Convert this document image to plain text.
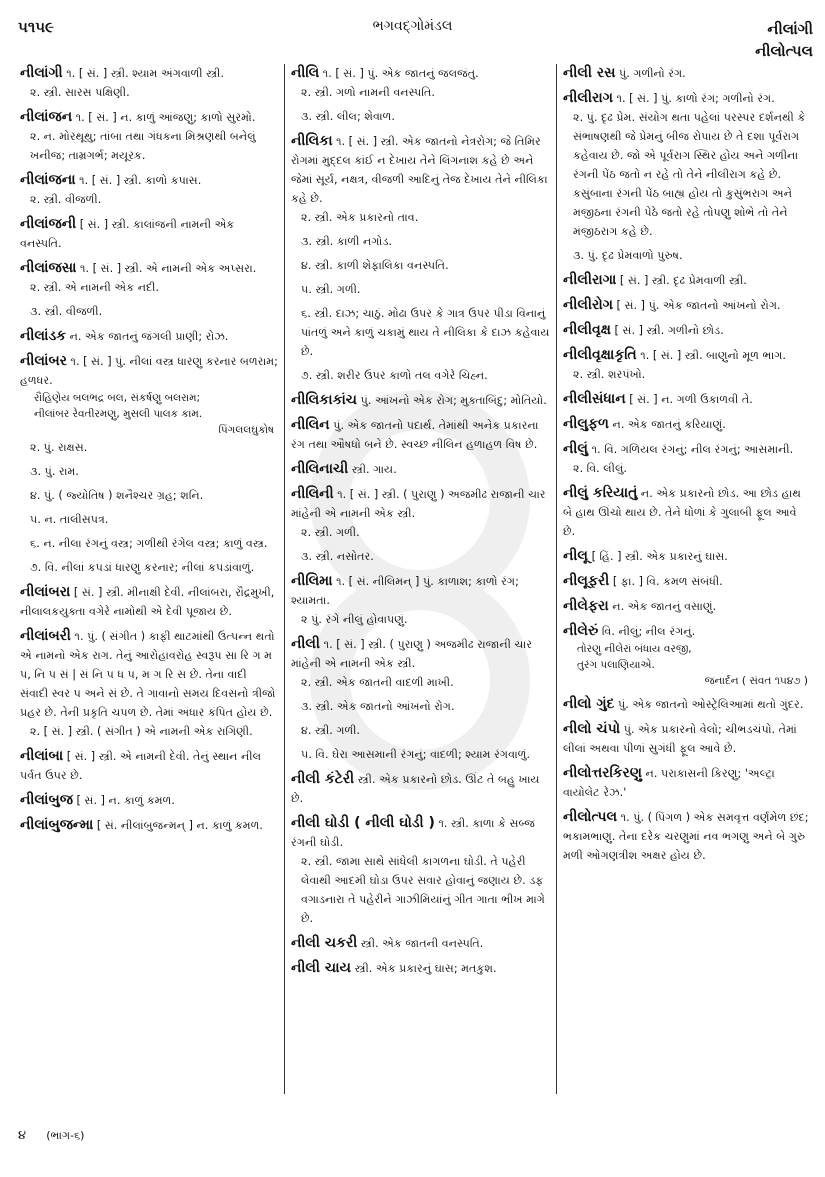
૫૧૫૯	ભગવદ્ગોમંડલ	નીલાંગી
નીલોત્પલ
નીલાંગી ૧. [ સં. ] સ્ત્રી. શ્યામ અંગવાળી સ્ત્રી.
૨. સ્ત્રી. સારસ પક્ષિણી.
નીલાંજન ૧. [ સં. ] ન. કાળું આંજણુ; કાળો સુરમો.
૨. ન. મોરથૂથુ; તાંબા તથા ગંધકના મિશ્રણથી બનેલું ખનીજ; તામ્રગર્ભ; મયૂરક.
નીલાંજના ૧. [ સં. ] સ્ત્રી. કાળો કપાસ.
૨. સ્ત્રી. વીજળી.
નીલાંજની [ સં. ] સ્ત્રી. કાલાંજની નામની એક વનસ્પતિ.
નીલાંજસા ૧. [ સં. ] સ્ત્રી. એ નામની એક અપ્સરા.
૨. સ્ત્રી. એ નામની એક નદી.
૩. સ્ત્રી. વીજળી.
નીલાંડક ન. એક જાતનું જંગલી પ્રાણી; રોઝ.
નીલાંબર ૧. [ સં. ] પું. નીલાં વસ્ત્ર ધારણુ કરનાર બળરામ; હળધર.
રૌહિણેય બલભદ્ર બલ, સંકર્ષણુ બલરામ;
નીલાંબર રેવતીરમણુ, મુસલી પાલક કામ.
પિંગલલઘુકોષ
૨. પું. રાક્ષસ.
૩. પું. રામ.
૪. પું. ( જ્યોતિષ ) શનૈશ્ચર ગ્રહ; શનિ.
૫. ન. તાલીસપત્ર.
૬. ન. નીલા રંગનું વસ્ત્ર; ગળીથી રંગેલ વસ્ત્ર; કાળું વસ્ત્ર.
૭. વિ. નીલાં કપડાં ધારણુ કરનાર; નીલાં કપડાંવાળું.
નીલાંબરા [ સં. ] સ્ત્રી. મીનાક્ષી દેવી. નીલાંબરા, રૌદ્રમુખી, નીલાલકયુક્તા વગેરે નામોથી એ દેવી પૂજાય છે.
નીલાંબરી ૧. પું. ( સંગીત ) કાફી થાટમાંથી ઉત્પન્ન થતો એ નામનો એક રાગ. તેનું આરોહાવરોહ સ્વરૂપ સા રિ ગ મ પ, નિ પ સં | સં નિ પ ધ પ, મ ગ રિ સ છે. તેના વાદી સંવાદી સ્વર પ અને સં છે. તે ગાવાનો સમય દિવસનો ત્રીજો પ્રહર છે. તેની પ્રકૃતિ ચપળ છે. તેમાં અંધાર કંપિત હોય છે.
૨. [ સં. ] સ્ત્રી. ( સંગીત ) એ નામની એક રાગિણી.
નીલાંબા [ સં. ] સ્ત્રી. એ નામની દેવી. તેનું સ્થાન નીલ પર્વત ઉપર છે.
નીલાંબુજ [ સં. ] ન. કાળું કમળ.
નીલાંબુજન્મા [ સં. નીલાંબુજન્મન્ ] ન. કાળું કમળ.
નીલિ ૧. [ સં. ] પું. એક જાતનું જલજંતુ.
૨. સ્ત્રી. ગળો નામની વનસ્પતિ.
૩. સ્ત્રી. લીલ; શેવાળ.
નીલિકા ૧. [ સં. ] સ્ત્રી. એક જાતનો નેત્રરોગ; જે તિમિર રોગમાં મુદ્દલ કાંઈ ન દેખાય તેને લિંગનાશ કહે છે અને જેમાં સૂર્ય, નક્ષત્ર, વીજળી આદિનું તેજ દેખાય તેને નીલિકા કહે છે.
૨. સ્ત્રી. એક પ્રકારનો તાવ.
૩. સ્ત્રી. કાળી નગોડ.
૪. સ્ત્રી. કાળી શેફાલિકા વનસ્પતિ.
૫. સ્ત્રી. ગળી.
૬. સ્ત્રી. દાઝ; ચાઠું. મોઢા ઉપર કે ગાત્ર ઉપર પીડા વિનાનું પાંતળું અને કાળું ચકામું થાય તે નીલિકા કે દાઝ કહેવાય છે.
૭. સ્ત્રી. શરીર ઉપર કાળો તલ વગેરે ચિહ્ન.
નીલિકાકાંચ પું. આંખનો એક રોગ; મુક્તાબિંદુ; મોતિયો.
નીલિન પું. એક જાતનો પદાર્થ. તેમાંથી અનેક પ્રકારના રંગ તથા ઔષધો બને છે. સ્વચ્છ નીલિન હળાહળ વિષ છે.
નીલિનાચી સ્ત્રી. ગાય.
નીલિની ૧. [ સં. ] સ્ત્રી. ( પુરાણુ ) અજમીઢ રાજાની ચાર માંહેની એ નામની એક સ્ત્રી.
૨. સ્ત્રી. ગળી.
૩. સ્ત્રી. નસોતર.
નીલિમા ૧. [ સં. નીલિમન્ ] પું. કાળાશ; કાળો રંગ; શ્યામતા.
૨ પું. રંગે નીલું હોવાપણું.
નીલી ૧. [ સં. ] સ્ત્રી. ( પુરાણુ ) અજમીઢ રાજાની ચાર માંહેની એ નામની એક સ્ત્રી.
૨. સ્ત્રી. એક જાતની વાદળી માખી.
૩. સ્ત્રી. એક જાતનો આંખનો રોગ.
૪. સ્ત્રી. ગળી.
૫. વિ. ઘેરા આસમાની રંગનું; વાદળી; શ્યામ રંગવાળું.
નીલી કંટેરી સ્ત્રી. એક પ્રકારનો છોડ. ઊંટ તે બહુ ખાય છે.
નીલી ઘોડી ( નીલી ઘોડી ) ૧. સ્ત્રી. કાળા કે સબ્જ રંગની ઘોડી.
૨. સ્ત્રી. જામા સાથે સાંધેલી કાગળના ઘોડી. તે પહેરી લેવાથી આદમી ઘોડા ઉપર સવાર હોવાનું જણાય છે. ડફ વગાડનારા તે પહેરીને ગાઝીમિયાંનું ગીત ગાતા ભીખ માગે છે.
નીલી ચકરી સ્ત્રી. એક જાતની વનસ્પતિ.
નીલી ચાય સ્ત્રી. એક પ્રકારનું ઘાસ; મતકુશ.
નીલી રસ પું. ગળીનો રંગ.
નીલીરાગ ૧. [ સં. ] પું. કાળો રંગ; ગળીનો રંગ.
૨. પું. દૃઢ પ્રેમ. સંયોગ થતા પહેલાં પરસ્પર દર્શનથી કે સંભાષણથી જે પ્રેમનું બીજ રોપાય છે તે દશા પૂર્વરાગ કહેવાય છે. જો એ પૂર્વરાગ સ્થિર હોય અને ગળીના રંગની પેંઠ જતો ન રહે તો તેને નીલીરાગ કહે છે. કસુંબાના રંગની પેંઠ બાહ્ય હોય તો કુસુંભરાગ અને મજીઠના રંગની પેઠે જતો રહે તોપણુ શોભે તો તેને મંજીઠરાગ કહે છે.
૩. પું. દૃઢ પ્રેમવાળો પુરુષ.
નીલીરાગા [ સં. ] સ્ત્રી. દૃઢ પ્રેમવાળી સ્ત્રી.
નીલીરોગ [ સં. ] પું. એક જાતનો આંખનો રોગ.
નીલીવૃક્ષ [ સં. ] સ્ત્રી. ગળીનો છોડ.
નીલીવૃક્ષાકૃતિ ૧. [ સં. ] સ્ત્રી. બાણુનો મૂળ ભાગ.
૨. સ્ત્રી. શરપંખો.
નીલીસંધાન [ સં. ] ન. ગળી ઉકાળવી તે.
નીલુફળ ન. એક જાતનું કરિયાણું.
નીલું ૧. વિ. ગળિયલ રંગનું; નીલ રંગનું; આસમાની.
૨. વિ. લીલું.
નીલું કરિયાતું ન. એક પ્રકારનો છોડ. આ છોડ હાથ બે હાથ ઊંચો થાય છે. તેને ધોળાં કે ગુલાબી ફૂલ આવે છે.
નીલૂ [ હિં. ] સ્ત્રી. એક પ્રકારનું ઘાસ.
નીલૂફરી [ ફા. ] વિ. કમળ સંબંધી.
નીલેફરા ન. એક જાતનું વસાણું.
નીલેરું વિ. નીલું; નીલ રંગનું.
તોરણુ નીલેરાં બંધાય વરજી,
તુરંગ પલાણિયાએ.
જનાર્દન ( સંવત ૧૫૪૭ )
નીલો ગુંદ પું. એક જાતનો ઓસ્ટ્રેલિઆમાં થતો ગુંદર.
નીલો ચંપો પું. એક પ્રકારનો વેલો; ચીભડચંપો. તેમાં લીલાં અથવા પીળાં સુગંધી ફૂલ આવે છે.
નીલોત્તરકિરણુ ન. પરાકાસની કિરણુ; 'અલ્ટ્રા વાયોલેટ રેઝ.'
નીલોત્પલ ૧. પું. ( પિંગળ ) એક સમવૃત્ત વર્ણમેળ છંદ; ભકામભાણુ. તેના દરેક ચરણુમાં નવ ભગણુ અને બે ગુરુ મળી ઓગણત્રીશ અક્ષર હોય છે.
૪ (ભાગ-૬)
